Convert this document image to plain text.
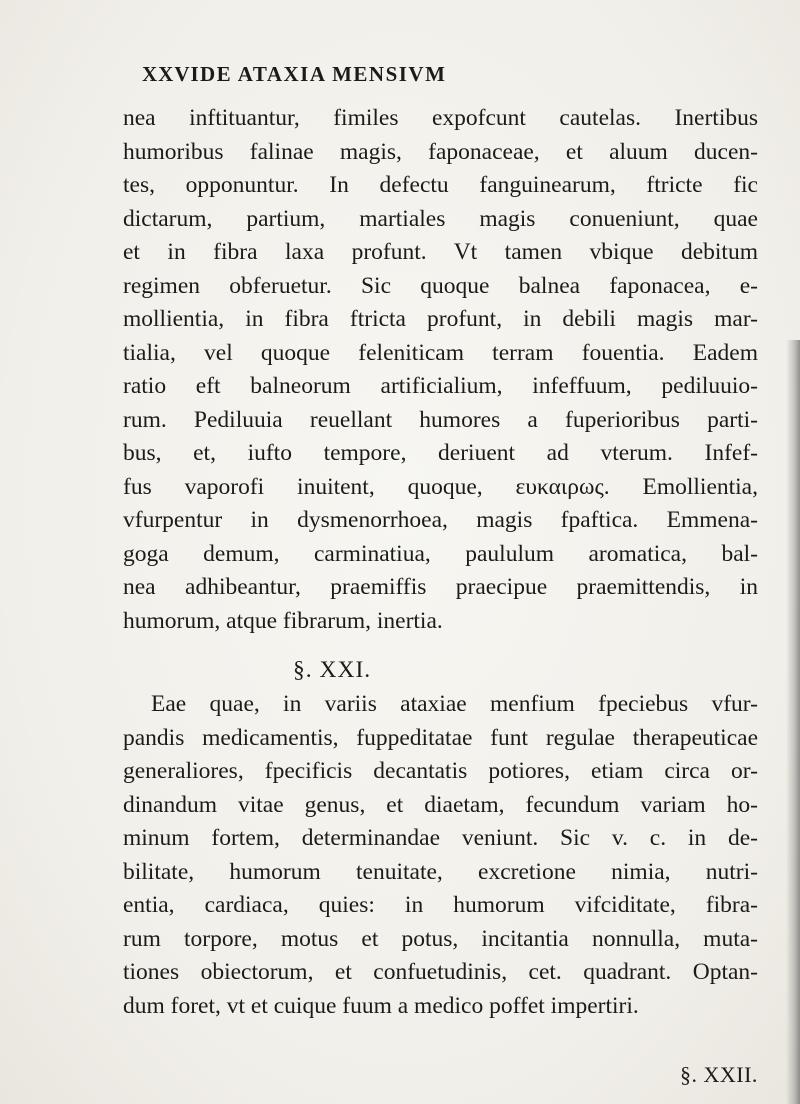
XXVI DE ATAXIA MENSIVM
nea inftituantur, fimiles expofcunt cautelas. Inertibus
humoribus falinae magis, faponaceae, et aluum ducen-
tes, opponuntur. In defectu fanguinearum, ftricte fic
dictarum, partium, martiales magis conueniunt, quae
et in fibra laxa profunt. Vt tamen vbique debitum
regimen obferuetur. Sic quoque balnea faponacea, e-
mollientia, in fibra ftricta profunt, in debili magis mar-
tialia, vel quoque feleniticam terram fouentia. Eadem
ratio eft balneorum artificialium, infeffuum, pediluuio-
rum. Pediluuia reuellant humores a fuperioribus parti-
bus, et, iufto tempore, deriuent ad vterum. Infef-
fus vaporofi inuitent, quoque, ευκαιρως. Emollientia,
vfurpentur in dysmenorrhoea, magis fpaftica. Emmena-
goga demum, carminatiua, paululum aromatica, bal-
nea adhibeantur, praemiffis praecipue praemittendis, in
humorum, atque fibrarum, inertia.
§. XXI.
Eae quae, in variis ataxiae menfium fpeciebus vfur-
pandis medicamentis, fuppeditatae funt regulae therapeuticae
generaliores, fpecificis decantatis potiores, etiam circa or-
dinandum vitae genus, et diaetam, fecundum variam ho-
minum fortem, determinandae veniunt. Sic v. c. in de-
bilitate, humorum tenuitate, excretione nimia, nutri-
entia, cardiaca, quies: in humorum vifciditate, fibra-
rum torpore, motus et potus, incitantia nonnulla, muta-
tiones obiectorum, et confuetudinis, cet. quadrant. Optan-
dum foret, vt et cuique fuum a medico poffet impertiri.
§. XXII.
